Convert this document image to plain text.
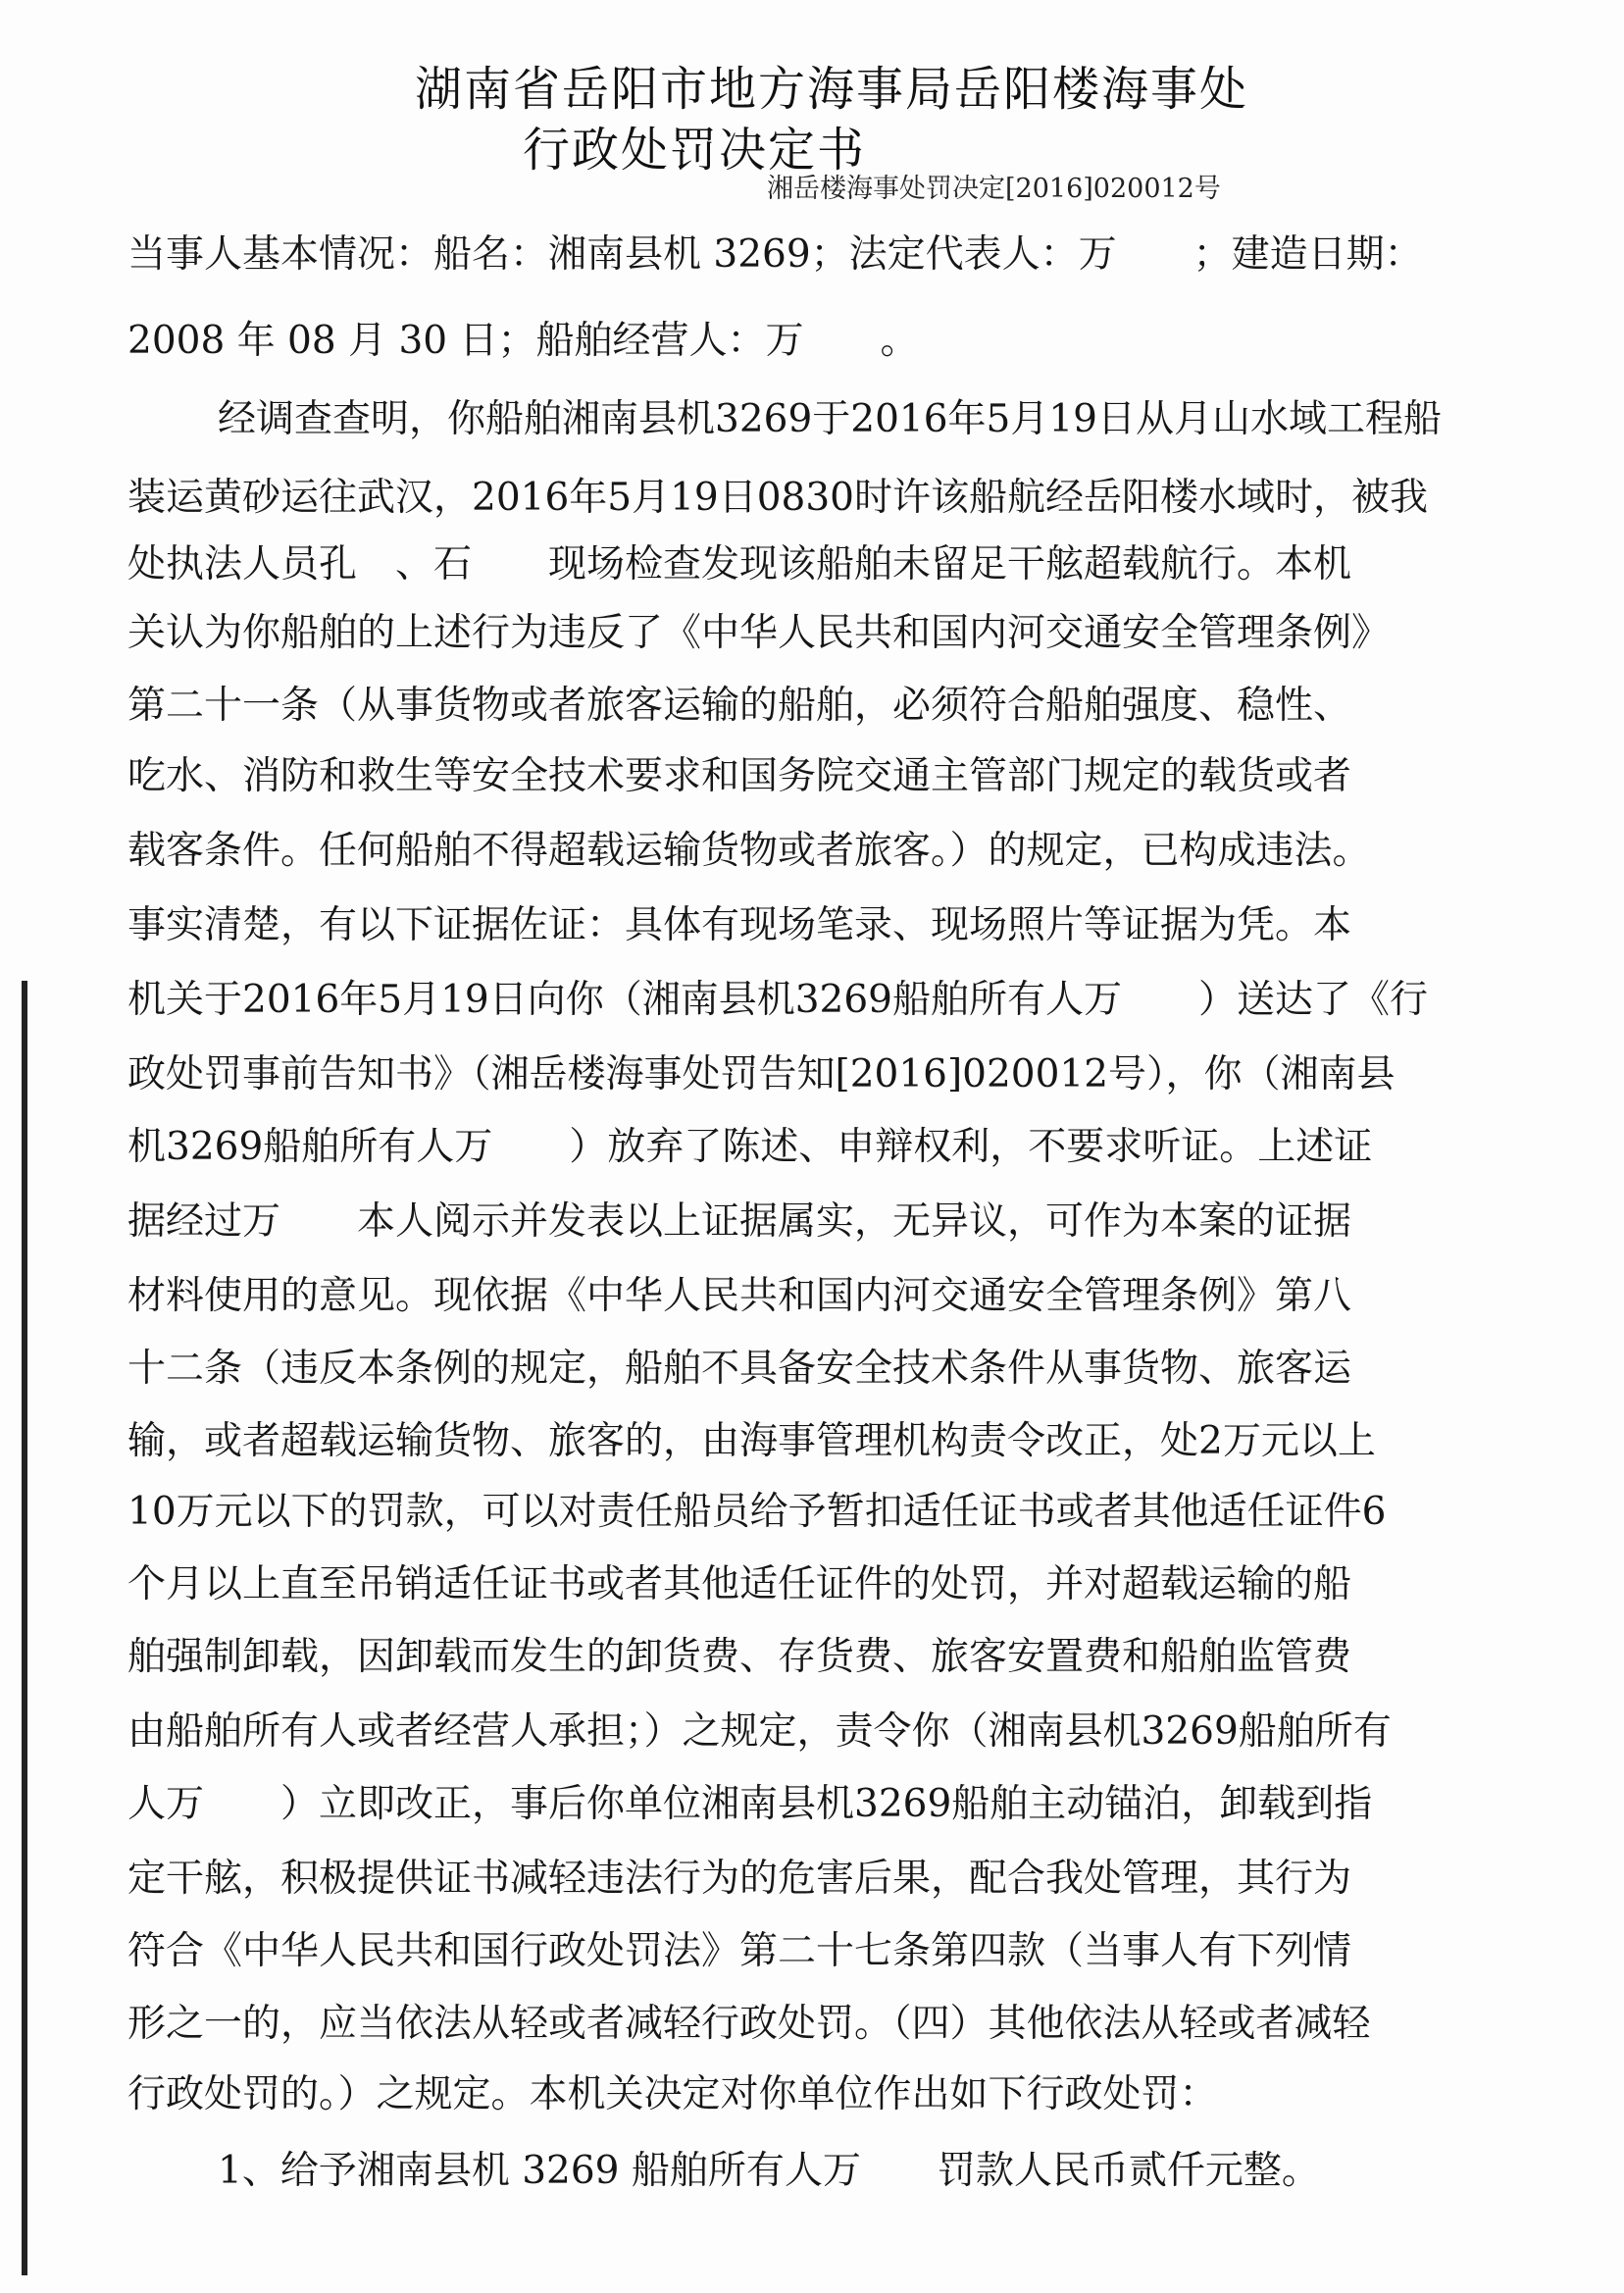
湖南省岳阳市地方海事局岳阳楼海事处
行政处罚决定书
湘岳楼海事处罚决定[2016]020012号
当事人基本情况：船名：湘南县机 3269；法定代表人：万　　；建造日期：
2008 年 08 月 30 日；船舶经营人：万　　。
经调查查明，你船舶湘南县机3269于2016年5月19日从月山水域工程船
装运黄砂运往武汉，2016年5月19日0830时许该船航经岳阳楼水域时，被我
处执法人员孔　、石　　现场检查发现该船舶未留足干舷超载航行。本机
关认为你船舶的上述行为违反了《中华人民共和国内河交通安全管理条例》
第二十一条（从事货物或者旅客运输的船舶，必须符合船舶强度、稳性、
吃水、消防和救生等安全技术要求和国务院交通主管部门规定的载货或者
载客条件。任何船舶不得超载运输货物或者旅客。）的规定，已构成违法。
事实清楚，有以下证据佐证：具体有现场笔录、现场照片等证据为凭。本
机关于2016年5月19日向你（湘南县机3269船舶所有人万　　）送达了《行
政处罚事前告知书》（湘岳楼海事处罚告知[2016]020012号），你（湘南县
机3269船舶所有人万　　）放弃了陈述、申辩权利，不要求听证。上述证
据经过万　　本人阅示并发表以上证据属实，无异议，可作为本案的证据
材料使用的意见。现依据《中华人民共和国内河交通安全管理条例》第八
十二条（违反本条例的规定，船舶不具备安全技术条件从事货物、旅客运
输，或者超载运输货物、旅客的，由海事管理机构责令改正，处2万元以上
10万元以下的罚款，可以对责任船员给予暂扣适任证书或者其他适任证件6
个月以上直至吊销适任证书或者其他适任证件的处罚，并对超载运输的船
舶强制卸载，因卸载而发生的卸货费、存货费、旅客安置费和船舶监管费
由船舶所有人或者经营人承担；）之规定，责令你（湘南县机3269船舶所有
人万　　）立即改正，事后你单位湘南县机3269船舶主动锚泊，卸载到指
定干舷，积极提供证书减轻违法行为的危害后果，配合我处管理，其行为
符合《中华人民共和国行政处罚法》第二十七条第四款（当事人有下列情
形之一的，应当依法从轻或者减轻行政处罚。（四）其他依法从轻或者减轻
行政处罚的。）之规定。本机关决定对你单位作出如下行政处罚：
1、给予湘南县机 3269 船舶所有人万　　罚款人民币贰仟元整。
